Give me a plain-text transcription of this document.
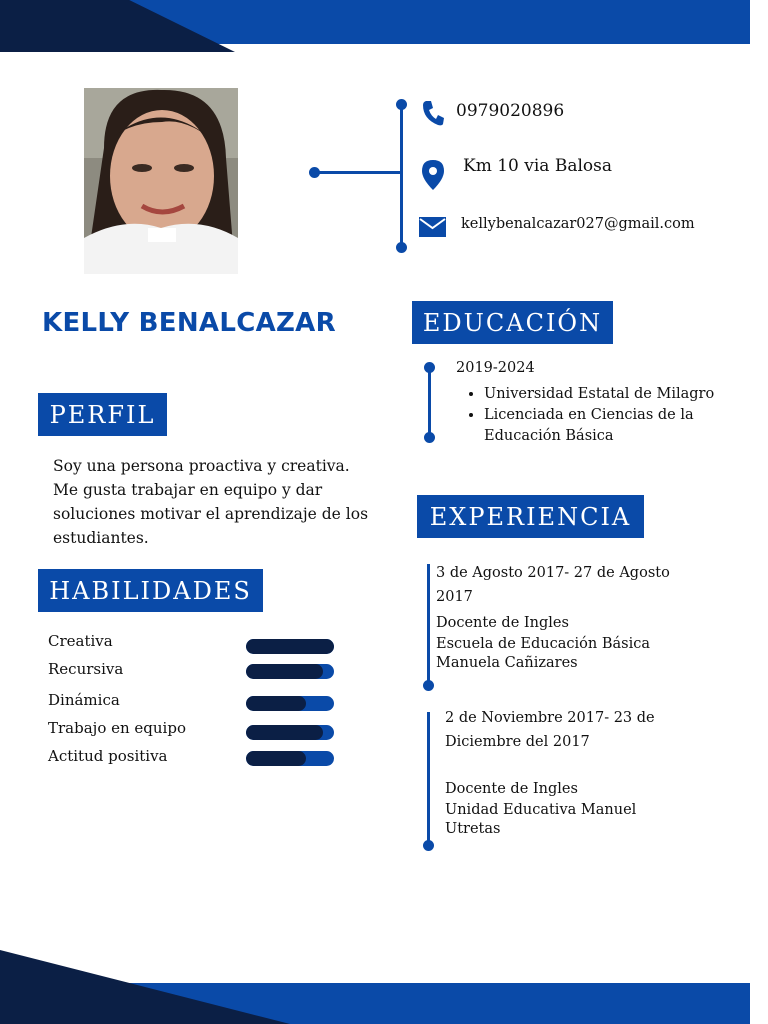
0979020896
Km 10 via Balosa
kellybenalcazar027@gmail.com
KELLY BENALCAZAR
PERFIL
Soy una persona proactiva y creativa. Me gusta trabajar en equipo y dar soluciones motivar el aprendizaje de los estudiantes.
HABILIDADES
Creativa
Recursiva
Dinámica
Trabajo en equipo
Actitud positiva
EDUCACIÓN
2019-2024
• Universidad Estatal de Milagro
• Licenciada en Ciencias de la Educación Básica
EXPERIENCIA
3 de Agosto 2017- 27 de Agosto 2017
Docente de Ingles
Escuela de Educación Básica Manuela Cañizares
2 de Noviembre 2017- 23 de Diciembre del 2017
Docente de Ingles
Unidad Educativa Manuel Utretas
